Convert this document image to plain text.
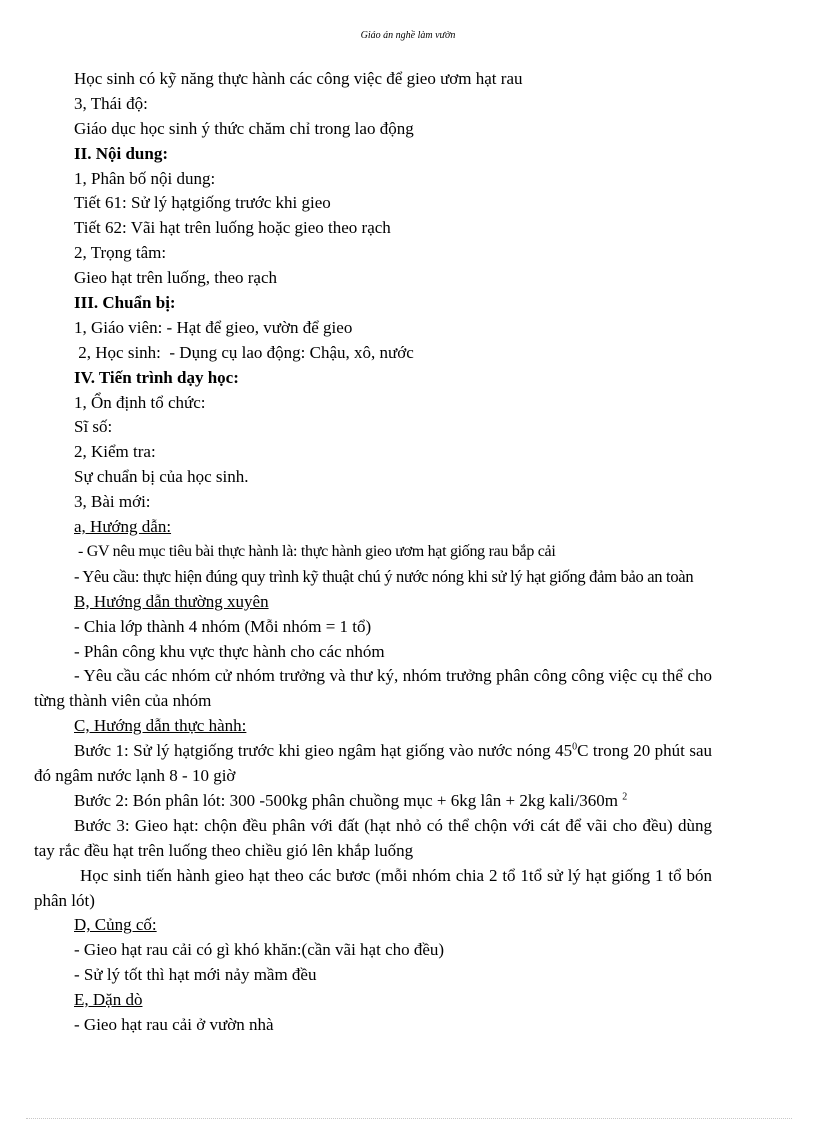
Giáo án nghề làm vườn
Học sinh có kỹ năng thực hành các công việc để gieo ươm hạt rau
3, Thái độ:
Giáo dục học sinh ý thức chăm chỉ trong lao động
II. Nội dung:
1, Phân bố nội dung:
Tiết 61: Sử lý hạtgiống trước khi gieo
Tiết 62: Vãi hạt trên luống hoặc gieo theo rạch
2, Trọng tâm:
Gieo hạt trên luống, theo rạch
III. Chuẩn bị:
1, Giáo viên: - Hạt để gieo, vườn để gieo
2, Học sinh:  - Dụng cụ lao động: Chậu, xô, nước
IV. Tiến trình dạy học:
1, Ổn định tổ chức:
Sĩ số:
2, Kiểm tra:
Sự chuẩn bị của học sinh.
3, Bài mới:
a, Hướng dẫn:
- GV nêu mục tiêu bài thực hành là: thực hành gieo ươm hạt giống rau bắp cải
- Yêu cầu: thực hiện đúng quy trình kỹ thuật chú ý nước nóng khi sử lý hạt giống đảm bảo an toàn
B, Hướng dẫn thường xuyên
- Chia lớp thành 4 nhóm (Mỗi nhóm = 1 tổ)
- Phân công khu vực thực hành cho các nhóm
- Yêu cầu các nhóm cử nhóm trưởng và thư ký, nhóm trưởng phân công công việc cụ thể cho từng thành viên của nhóm
C, Hướng dẫn thực hành:
Bước 1: Sử lý hạtgiống trước khi gieo ngâm hạt giống vào nước nóng $45^0C$ trong 20 phút sau đó ngâm nước lạnh 8 - 10 giờ
Bước 2: Bón phân lót: 300 -500kg phân chuồng mục + 6kg lân + 2kg kali/360m $^2$
Bước 3: Gieo hạt: chộn đều phân với đất (hạt nhỏ có thể chộn với cát để vãi cho đều) dùng tay rắc đều hạt trên luống theo chiều gió lên khắp luống
Học sinh tiến hành gieo hạt theo các bươc (mỗi nhóm chia 2 tổ 1tổ sử lý hạt giống 1 tổ bón phân lót)
D, Củng cố:
- Gieo hạt rau cải có gì khó khăn:(cần vãi hạt cho đều)
- Sử lý tốt thì hạt mới nảy mầm đều
E, Dặn dò
- Gieo hạt rau cải ở vườn nhà
